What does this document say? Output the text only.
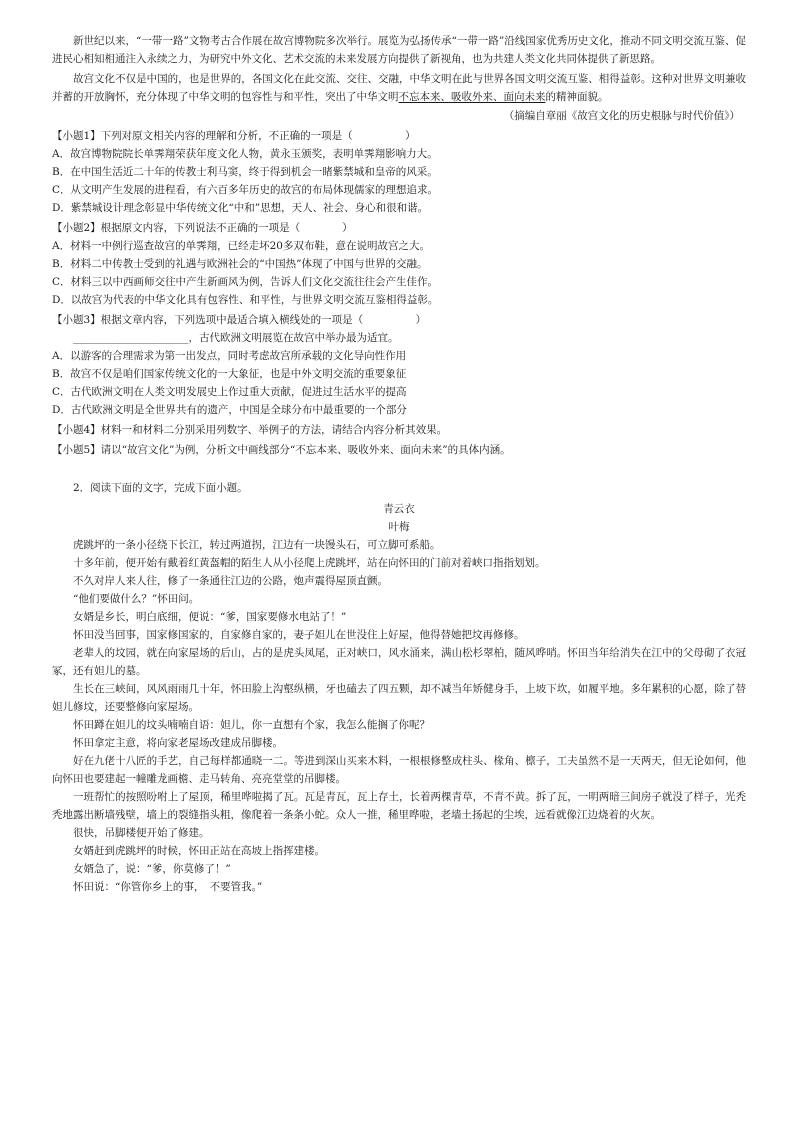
新世纪以来，“一带一路”文物考古合作展在故宫博物院多次举行。展览为弘扬传承“一带一路”沿线国家优秀历史文化，推动不同文明交流互鉴、促进民心相知相通注入永续之力，为研究中外文化、艺术交流的未来发展方向提供了新视角，也为共建人类文化共同体提供了新思路。

故宫文化不仅是中国的，也是世界的，各国文化在此交流、交往、交融，中华文明在此与世界各国文明交流互鉴、相得益彰。这种对世界文明兼收并蓄的开放胸怀，充分体现了中华文明的包容性与和平性，突出了中华文明不忘本来、吸收外来、面向未来的精神面貌。

（摘编自章丽《故宫文化的历史根脉与时代价值》）

【小题1】下列对原文相关内容的理解和分析，不正确的一项是（　　　　　）

A．故宫博物院院长单霁翔荣获年度文化人物，黄永玉颁奖，表明单霁翔影响力大。

B．在中国生活近二十年的传教士利马窦，终于得到机会一睹紫禁城和皇帝的风采。

C．从文明产生发展的进程看，有六百多年历史的故宫的布局体现儒家的理想追求。

D．紫禁城设计理念彰显中华传统文化“中和”思想，天人、社会、身心和很和谐。

【小题2】根据原文内容，下列说法不正确的一项是（　　　　）

A．材料一中例行巡查故宫的单霁翔，已经走坏20多双布鞋，意在说明故宫之大。

B．材料二中传教士受到的礼遇与欧洲社会的“中国热”体现了中国与世界的交融。

C．材料三以中西画师交往中产生新画风为例，告诉人们文化交流往往会产生佳作。

D．以故宫为代表的中华文化具有包容性、和平性，与世界文明交流互鉴相得益彰。

【小题3】根据文章内容，下列选项中最适合填入横线处的一项是（　　　　　）

______________________，古代欧洲文明展览在故宫中举办最为适宜。

A．以游客的合理需求为第一出发点，同时考虑故宫所承载的文化导向性作用

B．故宫不仅是咱们国家传统文化的一大象征，也是中外文明交流的重要象征

C．古代欧洲文明在人类文明发展史上作过重大贡献，促进过生活水平的提高

D．古代欧洲文明是全世界共有的遗产，中国是全球分布中最重要的一个部分

【小题4】材料一和材料二分别采用列数字、举例子的方法，请结合内容分析其效果。

【小题5】请以“故宫文化”为例，分析文中画线部分“不忘本来、吸收外来、面向未来”的具体内涵。

2．阅读下面的文字，完成下面小题。

青云衣

叶梅

虎跳坪的一条小径绕下长江，转过两道拐，江边有一块馒头石，可立脚可系船。

十多年前，便开始有戴着红黄盔帽的陌生人从小径爬上虎跳坪，站在向怀田的门前对着峡口指指划划。

不久对岸人来人往，修了一条通往江边的公路，炮声震得屋顶直颤。

“他们要做什么？”怀田问。

女婿是乡长，明白底细，便说：“爹，国家要修水电站了！”

怀田没当回事，国家修国家的，自家修自家的，妻子妲儿在世没住上好屋，他得替她把坟再修修。

老辈人的坟园，就在向家屋场的后山，占的是虎头凤尾，正对峡口，风水涌来，满山松杉翠柏，随风哗哨。怀田当年给消失在江中的父母砌了衣冠冢，还有妲儿的墓。

生长在三峡间，风风雨雨几十年，怀田脸上沟壑纵横，牙也磕去了四五颗，却不减当年矫健身手，上坡下坎，如履平地。多年累积的心愿，除了替妲儿修坟，还要整修向家屋场。

怀田蹲在妲儿的坟头喃喃自语：妲儿，你一直想有个家，我怎么能搁了你呢？

怀田拿定主意，将向家老屋场改建成吊脚楼。

好在九佬十八匠的手艺，自己每样都通晓一二。等进到深山买来木料，一根根修整成柱头、椽角、檩子，工夫虽然不是一天两天，但无论如何，他向怀田也要建起一幢雕龙画檐、走马转角、亮亮堂堂的吊脚楼。

一班帮忙的按照吩咐上了屋顶，稀里哗啦揭了瓦。瓦是青瓦，瓦上存土，长着两棵青草，不青不黄。拆了瓦，一明两暗三间房子就没了样子，光秃秃地露出断墙残壁，墙上的裂缝指头粗，像爬着一条条小蛇。众人一推，稀里哗啦，老墙土扬起的尘埃，远看就像江边烧着的火灰。

很快，吊脚楼便开始了修建。

女婿赶到虎跳坪的时候，怀田正站在高坡上指挥建楼。

女婿急了，说：“爹，你莫修了！”

怀田说：“你管你乡上的事，　不要管我。”
